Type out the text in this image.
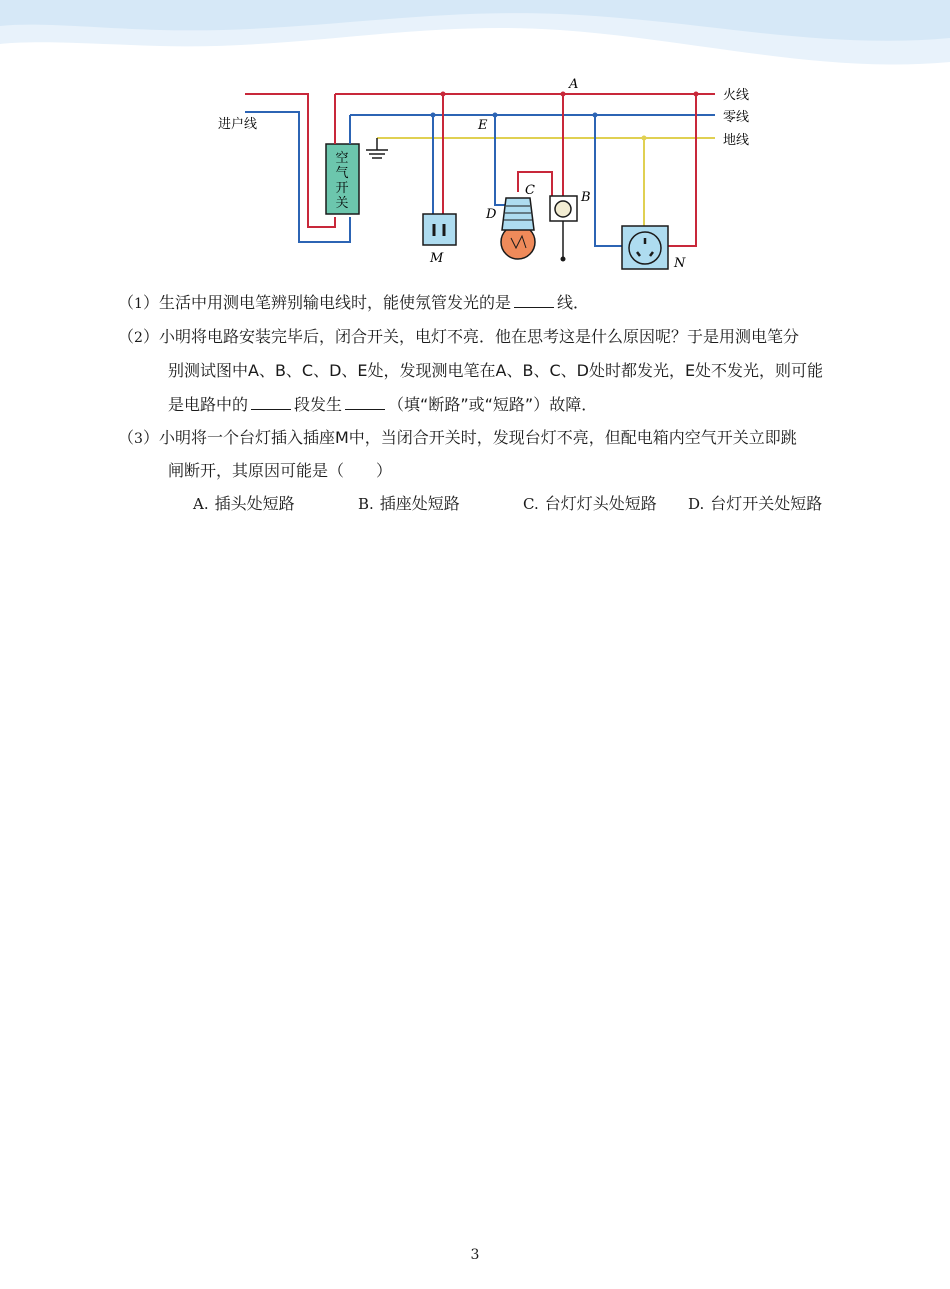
空
气
开
关
进户线
火线
零线
地线
A
E
C
D
B
M	N
（1）生活中用测电笔辨别输电线时，能使氖管发光的是	线．
（2）小明将电路安装完毕后，闭合开关，电灯不亮．他在思考这是什么原因呢？于是用测电笔分
别测试图中A、B、C、D、E处，发现测电笔在A、B、C、D处时都发光，E处不发光，则可能
是电路中的	段发生	（填“断路”或“短路”）故障．
（3）小明将一个台灯插入插座M中，当闭合开关时，发现台灯不亮，但配电箱内空气开关立即跳
闸断开，其原因可能是（　　）
A. 插头处短路	B. 插座处短路	C. 台灯灯头处短路 D. 台灯开关处短路
3
